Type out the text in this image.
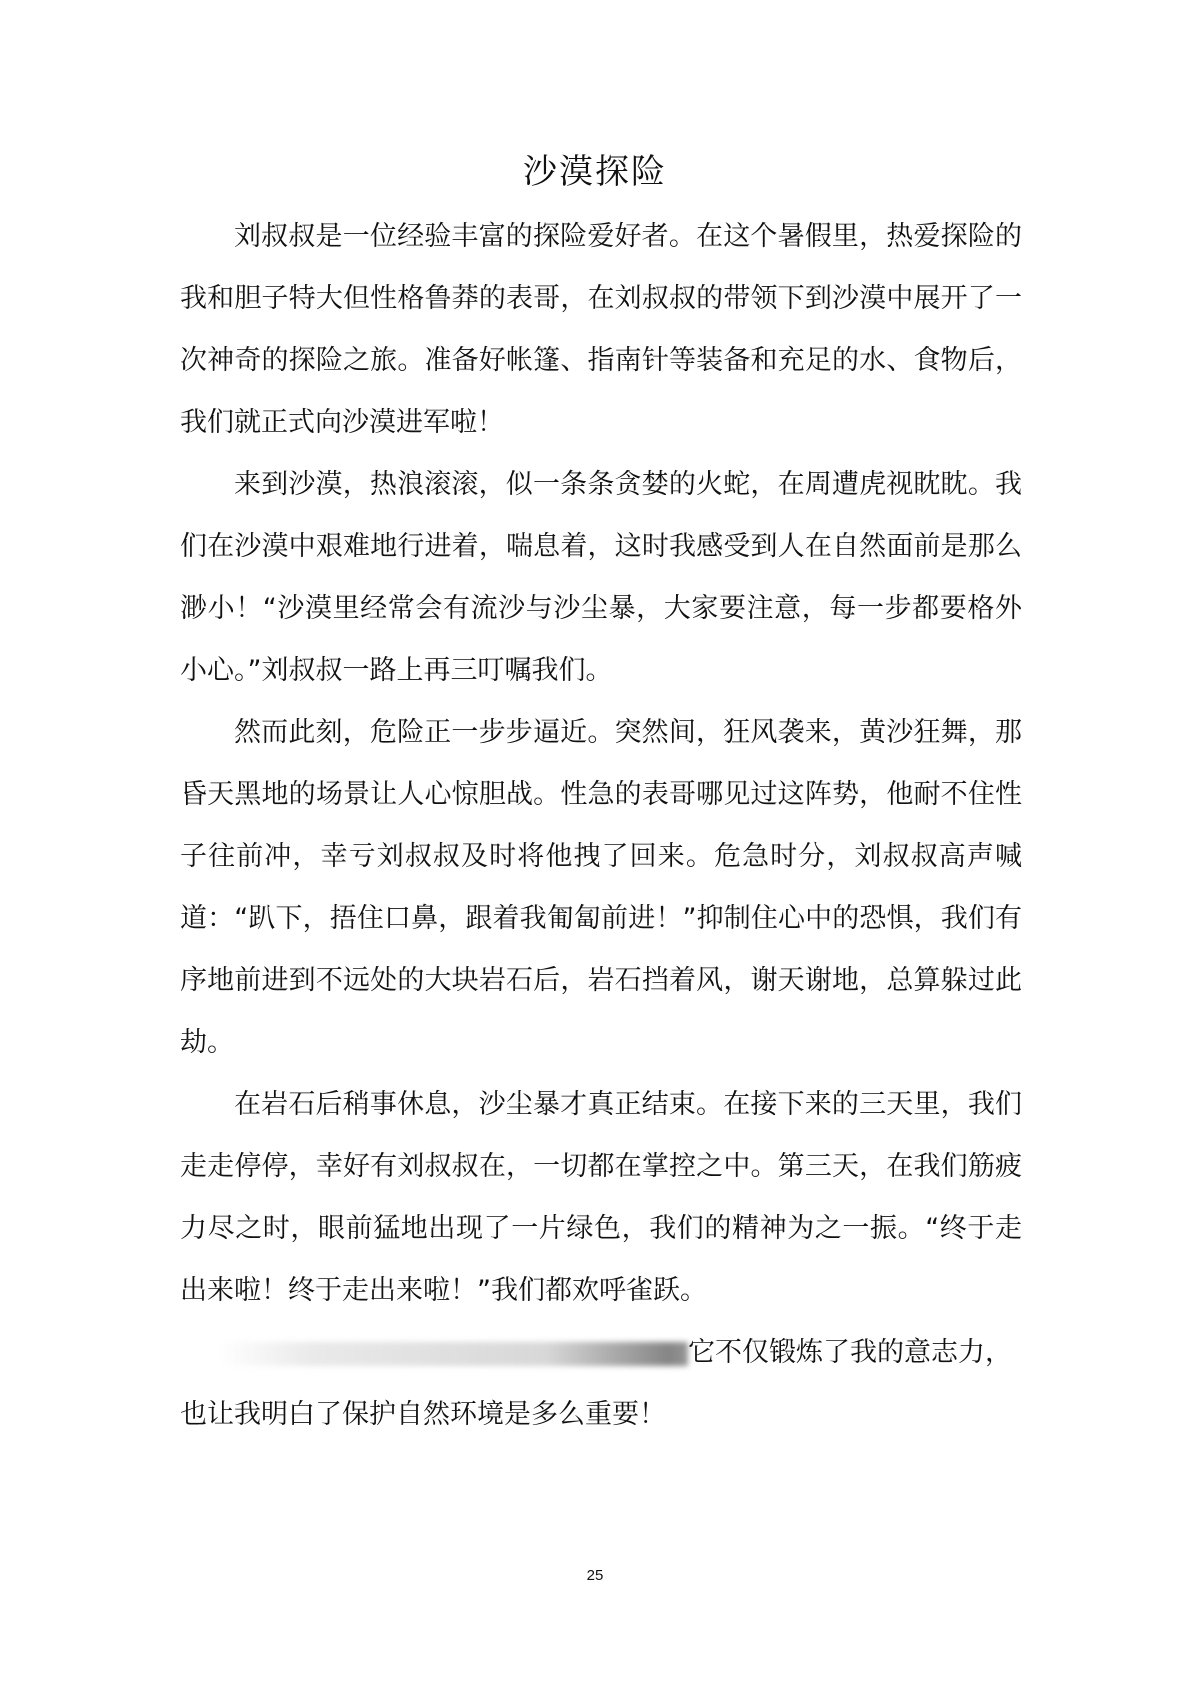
沙漠探险

刘叔叔是一位经验丰富的探险爱好者。在这个暑假里，热爱探险的我和胆子特大但性格鲁莽的表哥，在刘叔叔的带领下到沙漠中展开了一次神奇的探险之旅。准备好帐篷、指南针等装备和充足的水、食物后，我们就正式向沙漠进军啦！

来到沙漠，热浪滚滚，似一条条贪婪的火蛇，在周遭虎视眈眈。我们在沙漠中艰难地行进着，喘息着，这时我感受到人在自然面前是那么渺小！“沙漠里经常会有流沙与沙尘暴，大家要注意，每一步都要格外小心。”刘叔叔一路上再三叮嘱我们。

然而此刻，危险正一步步逼近。突然间，狂风袭来，黄沙狂舞，那昏天黑地的场景让人心惊胆战。性急的表哥哪见过这阵势，他耐不住性子往前冲，幸亏刘叔叔及时将他拽了回来。危急时分，刘叔叔高声喊道：“趴下，捂住口鼻，跟着我匍匐前进！”抑制住心中的恐惧，我们有序地前进到不远处的大块岩石后，岩石挡着风，谢天谢地，总算躲过此劫。

在岩石后稍事休息，沙尘暴才真正结束。在接下来的三天里，我们走走停停，幸好有刘叔叔在，一切都在掌控之中。第三天，在我们筋疲力尽之时，眼前猛地出现了一片绿色，我们的精神为之一振。“终于走出来啦！终于走出来啦！”我们都欢呼雀跃。

它不仅锻炼了我的意志力，
也让我明白了保护自然环境是多么重要！
25
